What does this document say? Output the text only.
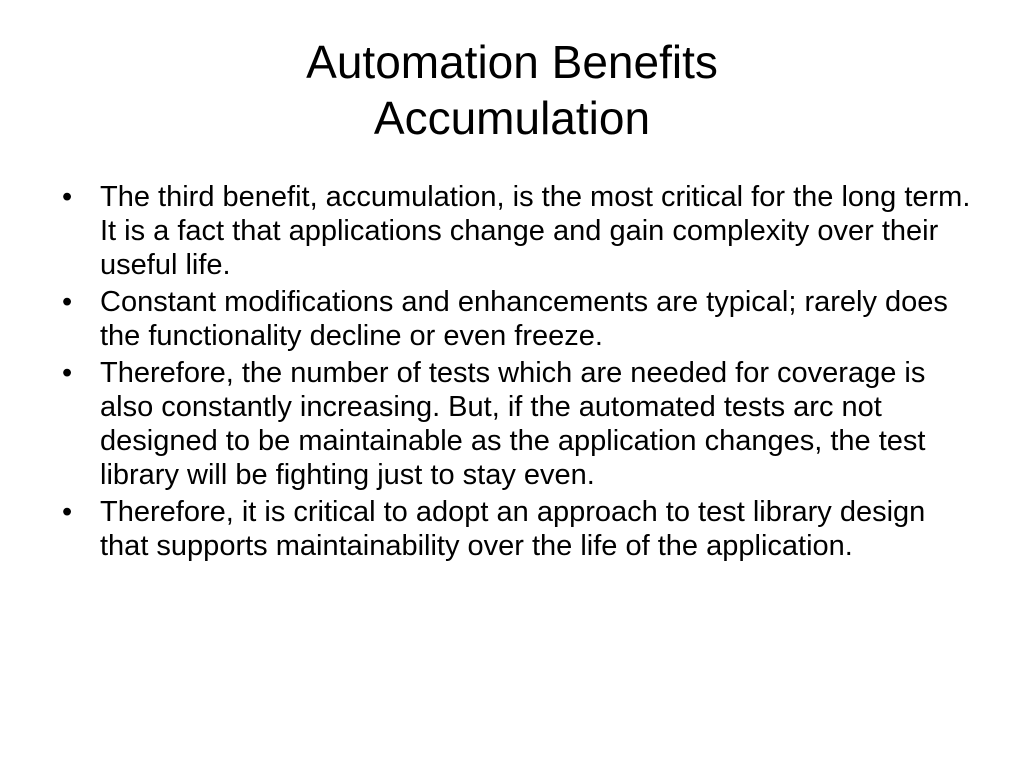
Automation Benefits
Accumulation
• The third benefit, accumulation, is the most critical for the long term. It is a fact that applications change and gain complexity over their useful life.
• Constant modifications and enhancements are typical; rarely does the functionality decline or even freeze.
• Therefore, the number of tests which are needed for coverage is also constantly increasing. But, if the automated tests arc not designed to be maintainable as the application changes, the test library will be fighting just to stay even.
• Therefore, it is critical to adopt an approach to test library design that supports maintainability over the life of the application.
